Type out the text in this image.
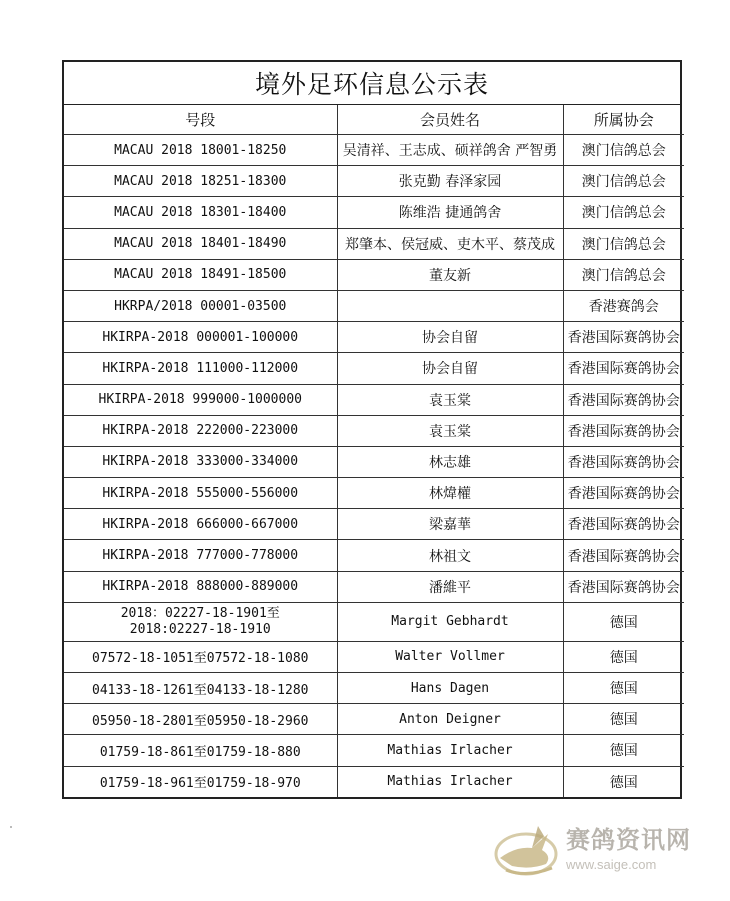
境外足环信息公示表
号段	会员姓名	所属协会
MACAU 2018 18001-18250	吴清祥、王志成、硕祥鸽舍 严智勇	澳门信鸽总会
MACAU 2018 18251-18300	张克勤 春泽家园	澳门信鸽总会
MACAU 2018 18301-18400	陈维浩 捷通鸽舍	澳门信鸽总会
MACAU 2018 18401-18490	郑肇本、侯冠威、吏木平、蔡茂成	澳门信鸽总会
MACAU 2018 18491-18500	董友新	澳门信鸽总会
HKRPA/2018 00001-03500		香港赛鸽会
HKIRPA-2018 000001-100000	协会自留	香港国际赛鸽协会
HKIRPA-2018 111000-112000	协会自留	香港国际赛鸽协会
HKIRPA-2018 999000-1000000	袁玉棠	香港国际赛鸽协会
HKIRPA-2018 222000-223000	袁玉棠	香港国际赛鸽协会
HKIRPA-2018 333000-334000	林志雄	香港国际赛鸽协会
HKIRPA-2018 555000-556000	林煒權	香港国际赛鸽协会
HKIRPA-2018 666000-667000	梁嘉華	香港国际赛鸽协会
HKIRPA-2018 777000-778000	林祖文	香港国际赛鸽协会
HKIRPA-2018 888000-889000	潘維平	香港国际赛鸽协会

2018：02227-18-1901至
2018:02227-18-1910	Margit Gebhardt	德国
07572-18-1051至07572-18-1080	Walter Vollmer	德国
04133-18-1261至04133-18-1280	Hans Dagen	德国
05950-18-2801至05950-18-2960	Anton Deigner	德国
01759-18-861至01759-18-880	Mathias Irlacher	德国
01759-18-961至01759-18-970	Mathias Irlacher	德国
赛鸽资讯网
www.saige.com
